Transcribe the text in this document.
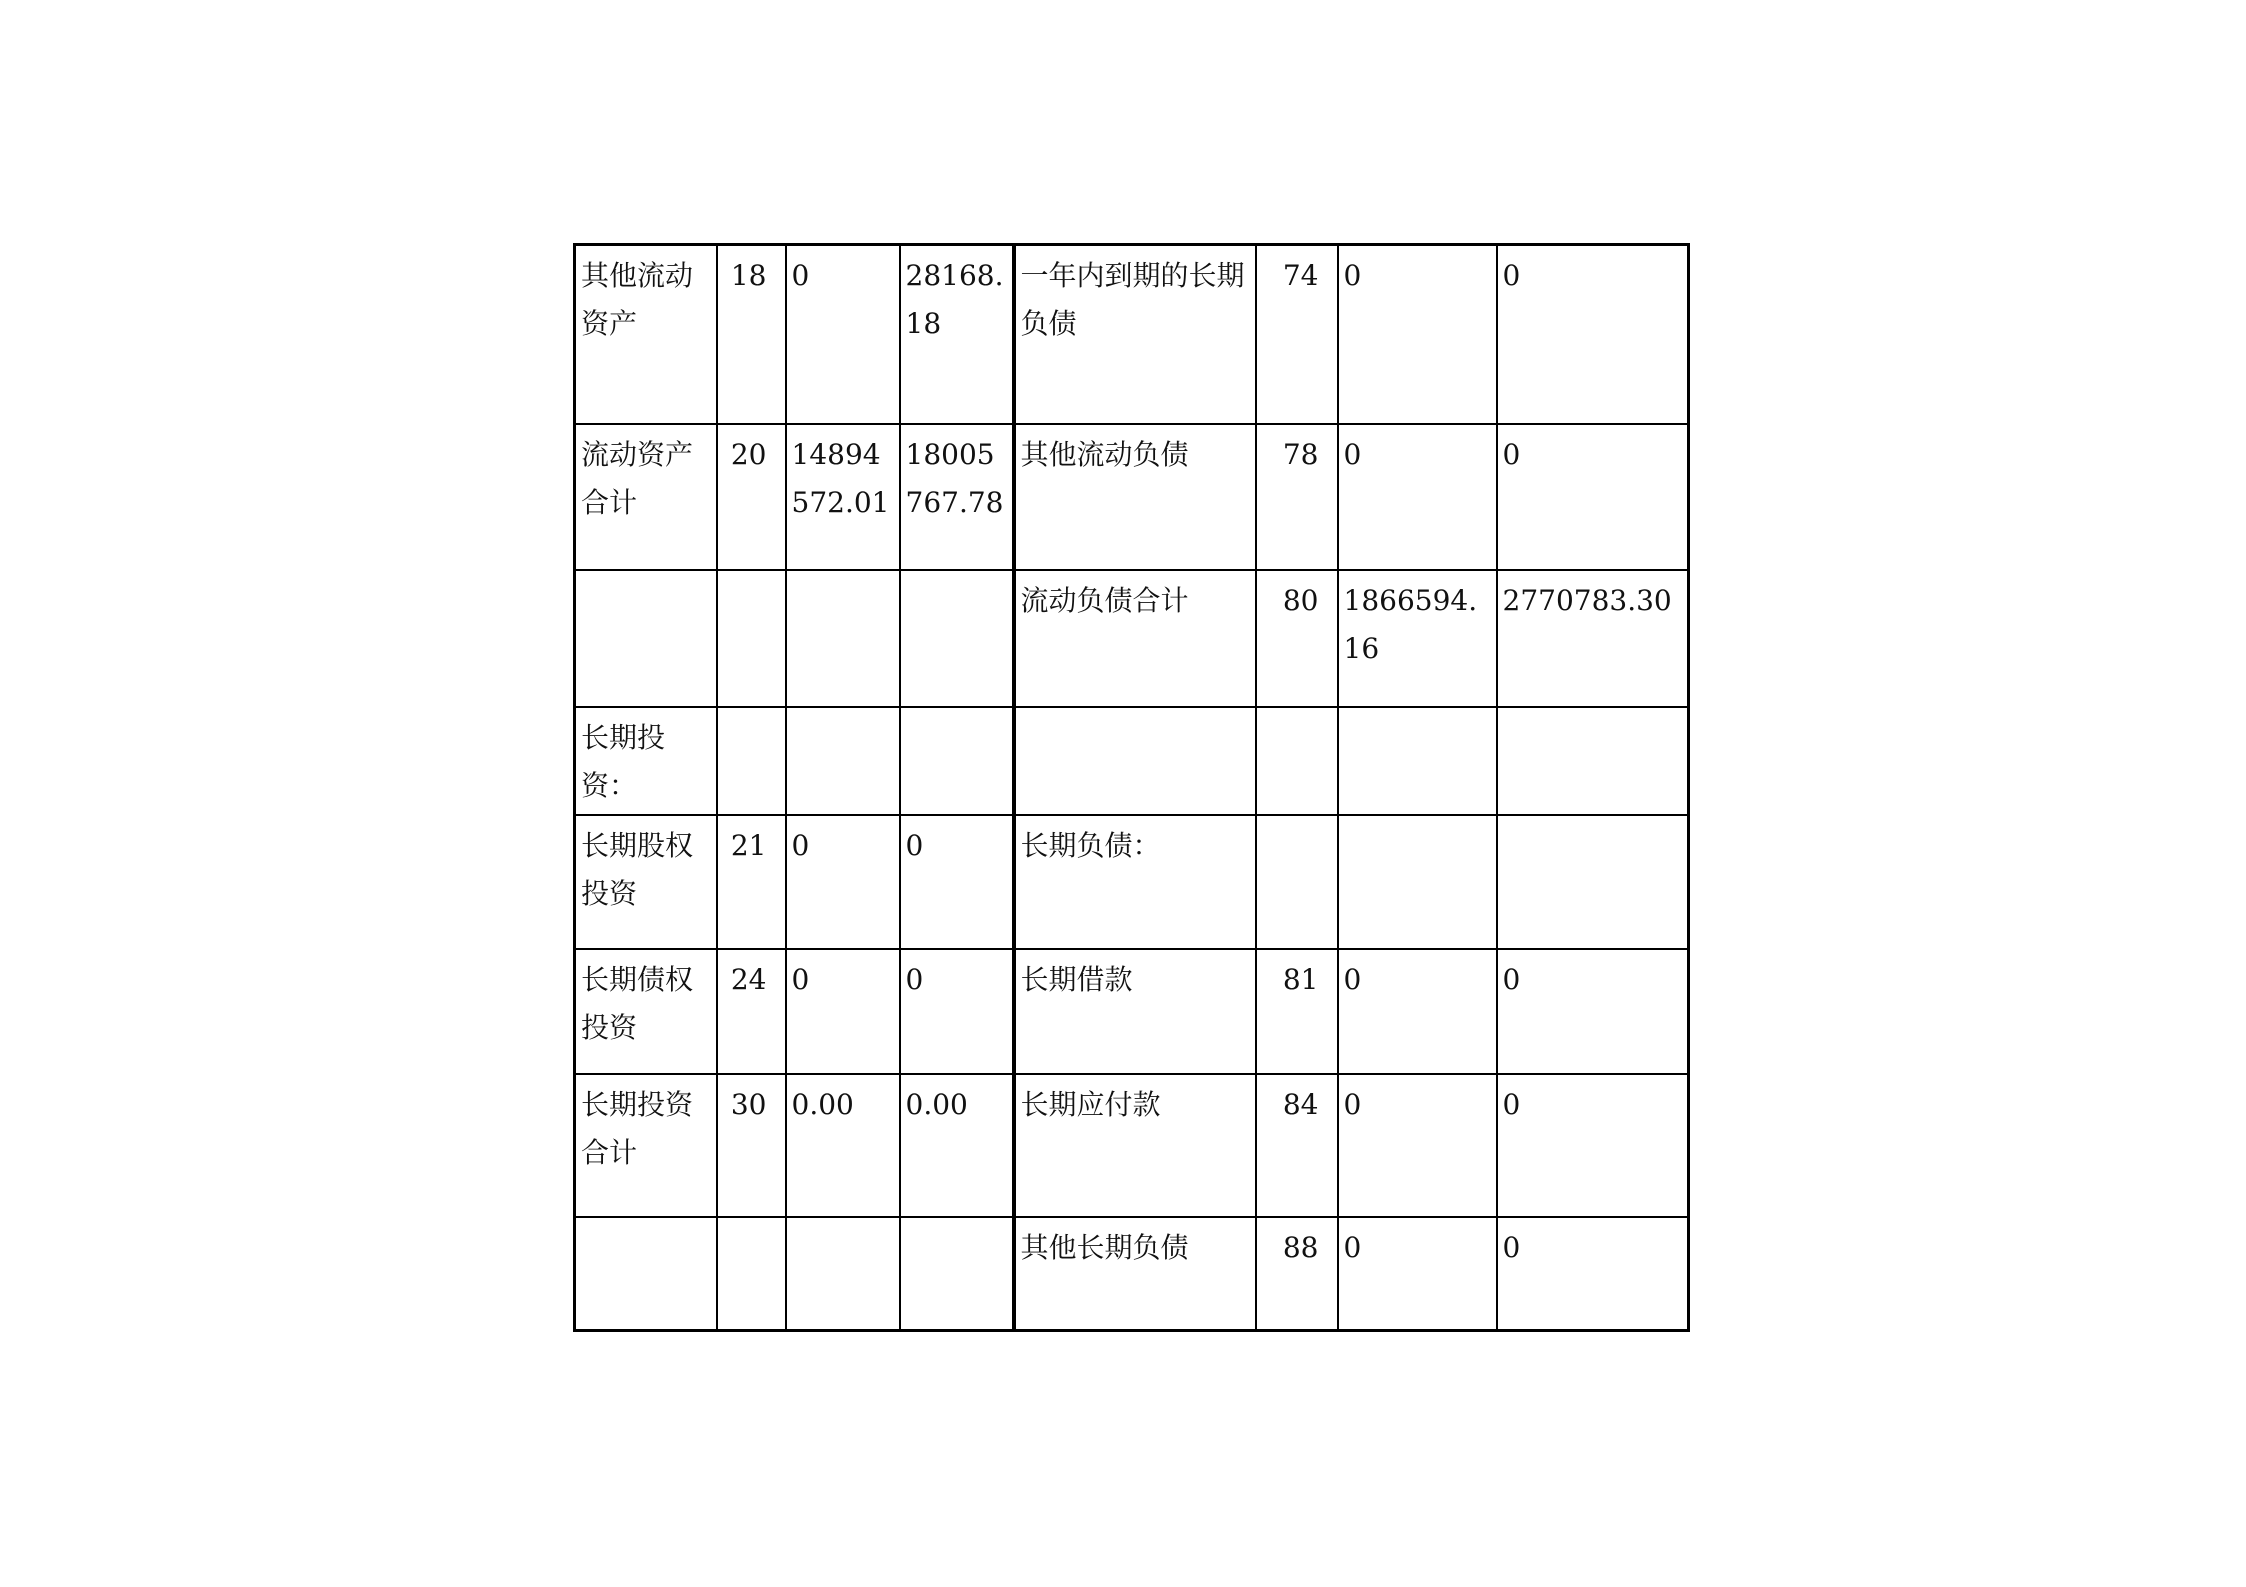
其他流动资产	18	0	28168.18	一年内到期的长期负债	74	0	0
流动资产合计	20	14894572.01	18005767.78	其他流动负债	78	0	0
				流动负债合计	80	1866594.16	2770783.30
长期投资：							
长期股权投资	21	0	0	长期负债：			
长期债权投资	24	0	0	长期借款	81	0	0
长期投资合计	30	0.00	0.00	长期应付款	84	0	0
				其他长期负债	88	0	0
